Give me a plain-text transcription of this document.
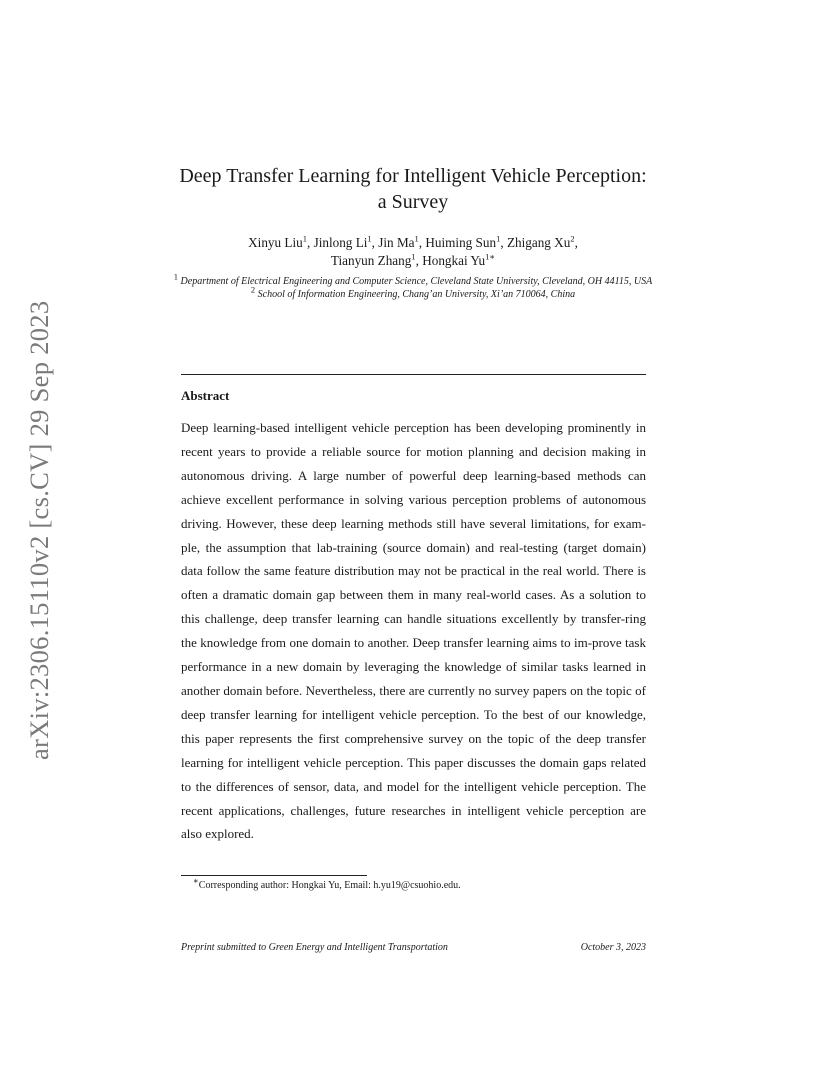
arXiv:2306.15110v2 [cs.CV] 29 Sep 2023
Deep Transfer Learning for Intelligent Vehicle Perception:
a Survey
Xinyu Liu$^1$, Jinlong Li$^1$, Jin Ma$^1$, Huiming Sun$^1$, Zhigang Xu$^2$,
Tianyun Zhang$^1$, Hongkai $Yu^{1∗}$
$^1$ Department of Electrical Engineering and Computer Science, Cleveland State University, Cleveland, OH 44115, USA
$^2$ School of Information Engineering, Chang’an University, Xi’an 710064, China
Abstract

Deep learning-based intelligent vehicle perception has been developing prominently in recent years to provide a reliable source for motion planning and decision making in autonomous driving. A large number of powerful deep learning-based methods can achieve excellent performance in solving various perception problems of autonomous driving. However, these deep learning methods still have several limitations, for exam-ple, the assumption that lab-training (source domain) and real-testing (target domain) data follow the same feature distribution may not be practical in the real world. There is often a dramatic domain gap between them in many real-world cases. As a solution to this challenge, deep transfer learning can handle situations excellently by transfer-ring the knowledge from one domain to another. Deep transfer learning aims to im-prove task performance in a new domain by leveraging the knowledge of similar tasks learned in another domain before. Nevertheless, there are currently no survey papers on the topic of deep transfer learning for intelligent vehicle perception. To the best of our knowledge, this paper represents the first comprehensive survey on the topic of the deep transfer learning for intelligent vehicle perception. This paper discusses the domain gaps related to the differences of sensor, data, and model for the intelligent vehicle perception. The recent applications, challenges, future researches in intelligent vehicle perception are also explored.

∗Corresponding author: Hongkai Yu, Email: h.yu19@csuohio.edu.
Preprint submitted to Green Energy and Intelligent Transportation	October 3, 2023
